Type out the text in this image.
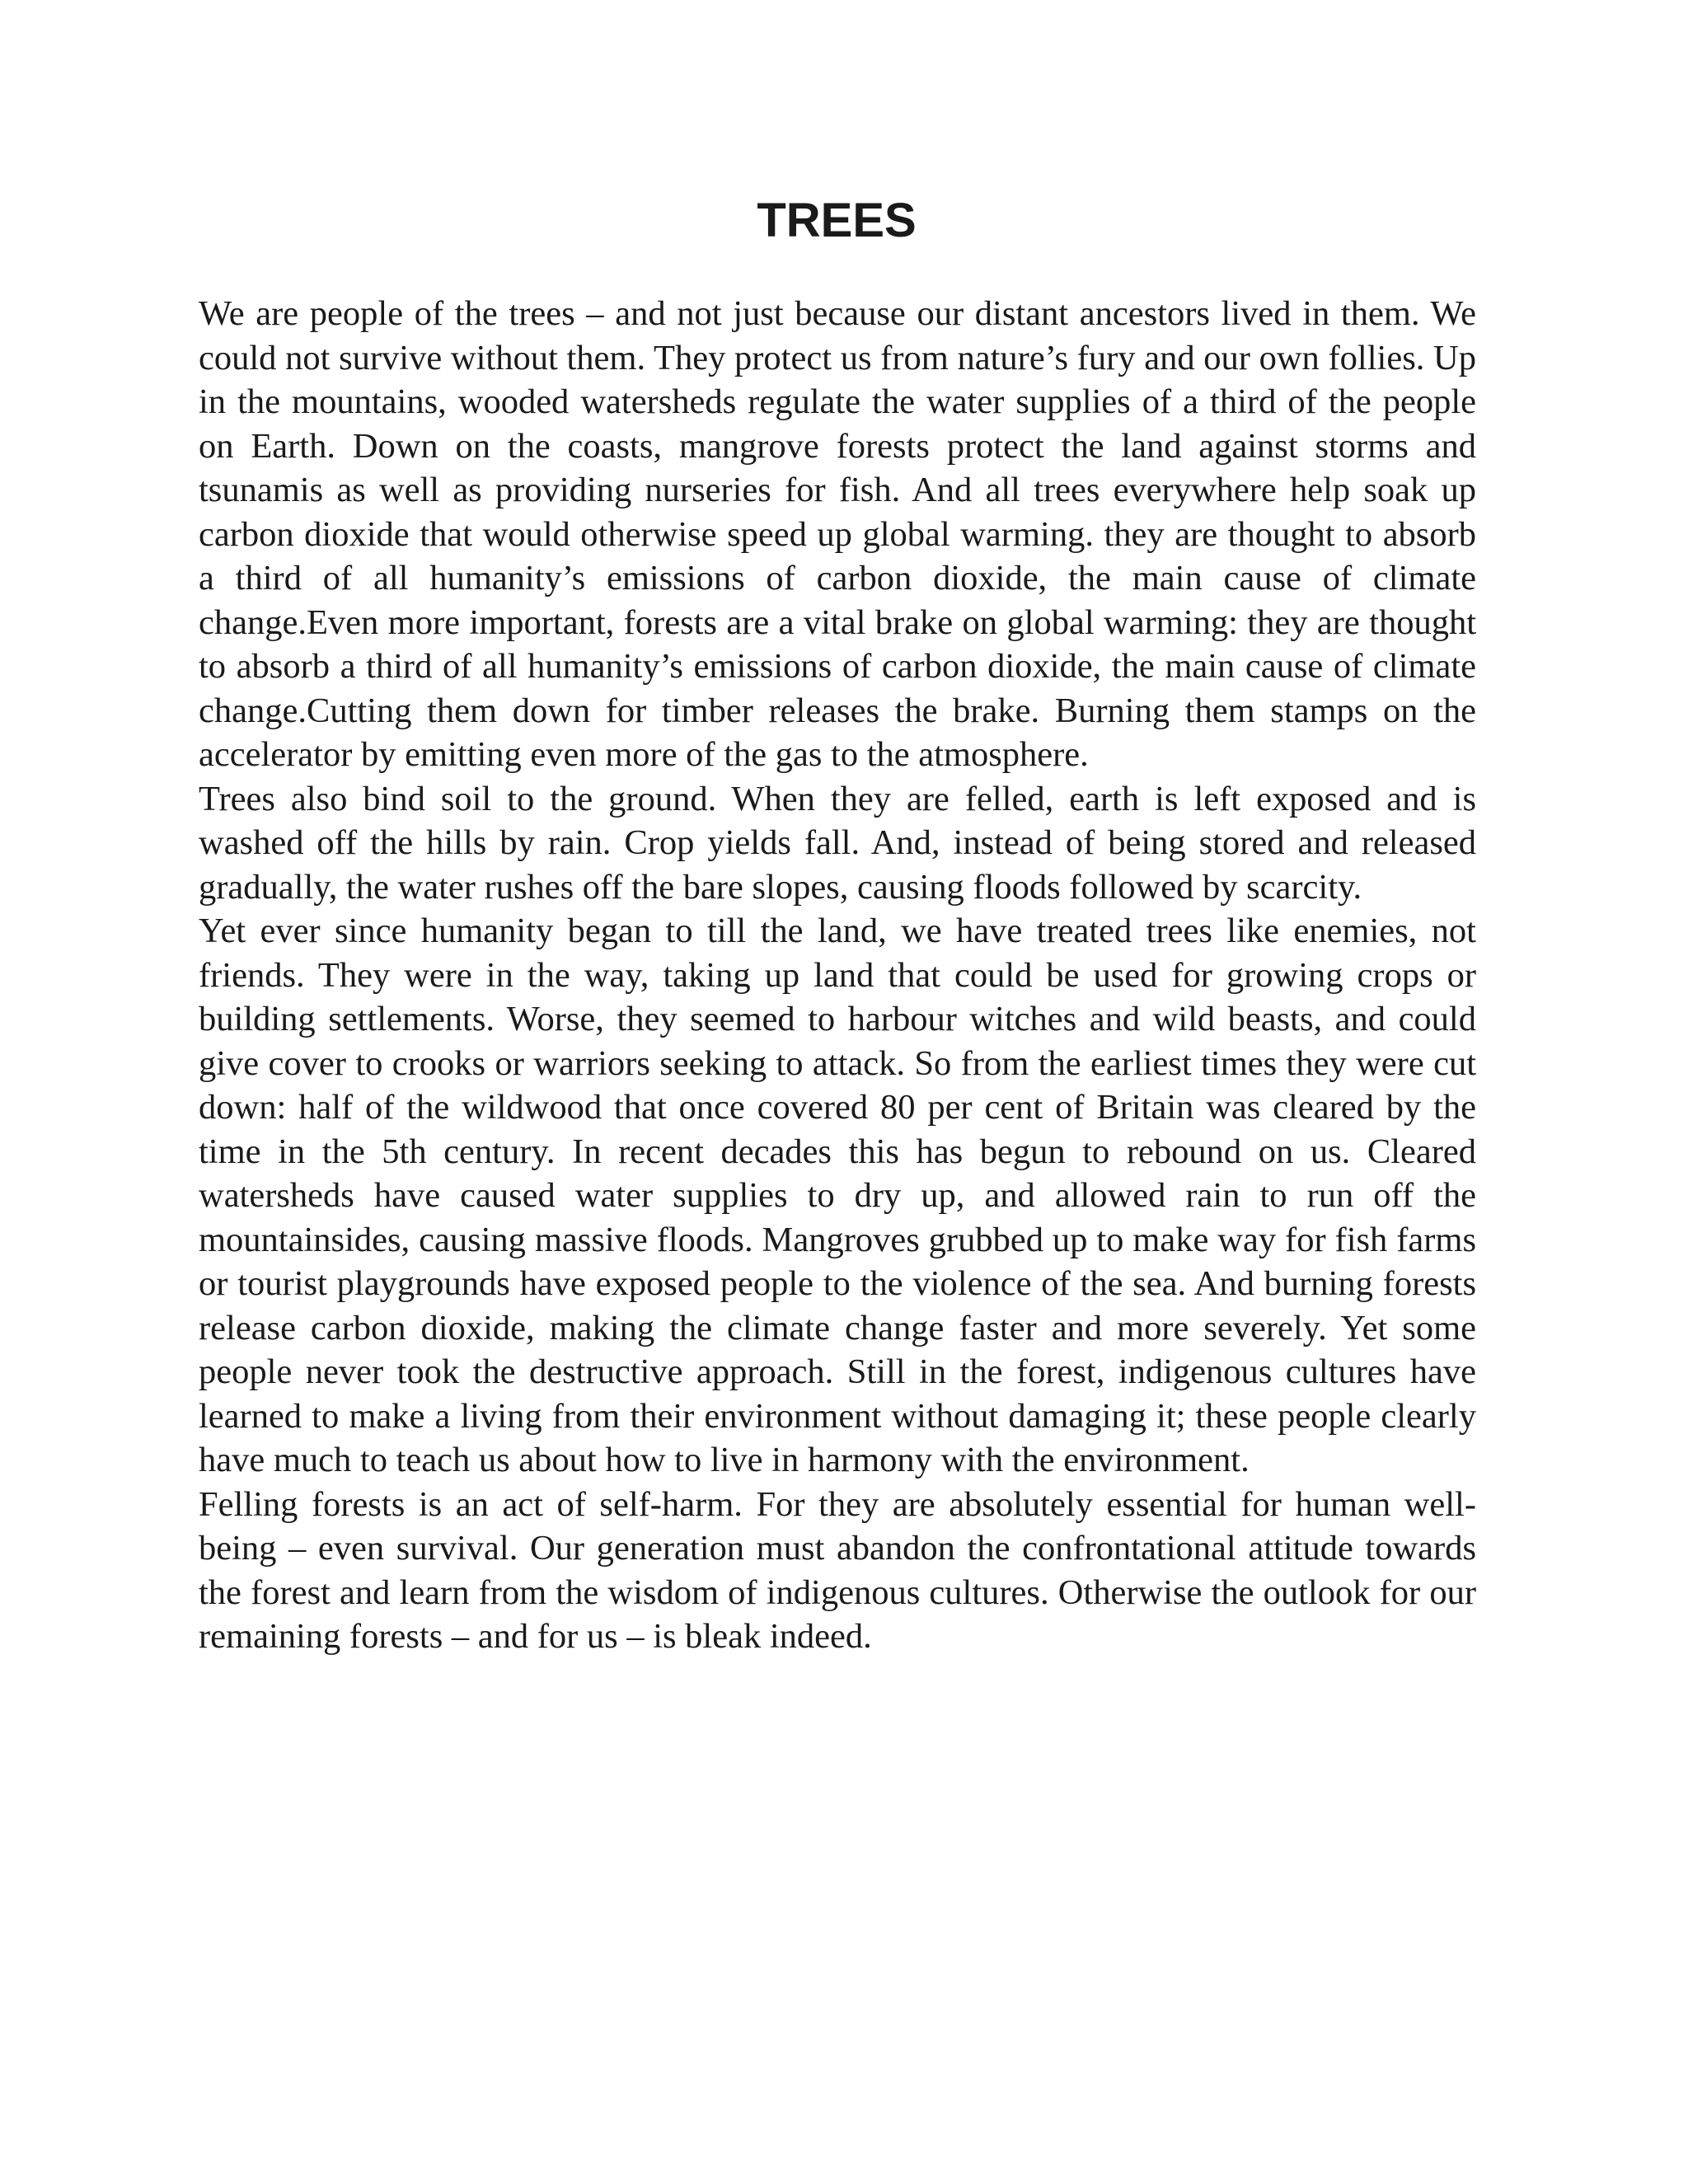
TREES

We are people of the trees – and not just because our distant ancestors lived in them. We could not survive without them. They protect us from nature’s fury and our own follies. Up in the mountains, wooded watersheds regulate the water supplies of a third of the people on Earth. Down on the coasts, mangrove forests protect the land against storms and tsunamis as well as providing nurseries for fish. And all trees everywhere help soak up carbon dioxide that would otherwise speed up global warming. they are thought to absorb a third of all humanity’s emissions of carbon dioxide, the main cause of climate change.Even more important, forests are a vital brake on global warming: they are thought to absorb a third of all humanity’s emissions of carbon dioxide, the main cause of climate change.Cutting them down for timber releases the brake. Burning them stamps on the accelerator by emitting even more of the gas to the atmosphere.

Trees also bind soil to the ground. When they are felled, earth is left exposed and is washed off the hills by rain. Crop yields fall. And, instead of being stored and released gradually, the water rushes off the bare slopes, causing floods followed by scarcity.

Yet ever since humanity began to till the land, we have treated trees like enemies, not friends. They were in the way, taking up land that could be used for growing crops or building settlements. Worse, they seemed to harbour witches and wild beasts, and could give cover to crooks or warriors seeking to attack. So from the earliest times they were cut down: half of the wildwood that once covered 80 per cent of Britain was cleared by the time in the 5th century. In recent decades this has begun to rebound on us. Cleared watersheds have caused water supplies to dry up, and allowed rain to run off the mountainsides, causing massive floods. Mangroves grubbed up to make way for fish farms or tourist playgrounds have exposed people to the violence of the sea. And burning forests release carbon dioxide, making the climate change faster and more severely. Yet some people never took the destructive approach. Still in the forest, indigenous cultures have learned to make a living from their environment without damaging it; these people clearly have much to teach us about how to live in harmony with the environment.

Felling forests is an act of self-harm. For they are absolutely essential for human well-being – even survival. Our generation must abandon the confrontational attitude towards the forest and learn from the wisdom of indigenous cultures. Otherwise the outlook for our remaining forests – and for us – is bleak indeed.
